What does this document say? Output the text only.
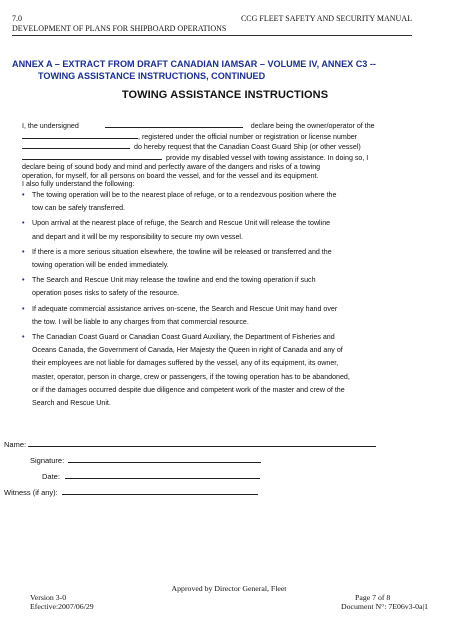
7.0	CCG FLEET SAFETY AND SECURITY MANUAL
DEVELOPMENT OF PLANS FOR SHIPBOARD OPERATIONS
ANNEX A – EXTRACT FROM DRAFT CANADIAN IAMSAR – VOLUME IV, ANNEX C3 --
TOWING ASSISTANCE INSTRUCTIONS, CONTINUED
TOWING ASSISTANCE INSTRUCTIONS
I, the undersigned	declare being the owner/operator of the
, registered under the official number or registration or license number
do hereby request that the Canadian Coast Guard Ship (or other vessel)
provide my disabled vessel with towing assistance. In doing so, I
declare being of sound body and mind and perfectly aware of the dangers and risks of a towing
operation, for myself, for all persons on board the vessel, and for the vessel and its equipment.
I also fully understand the following:
• The towing operation will be to the nearest place of refuge, or to a rendezvous position where the
tow can be safely transferred.
• Upon arrival at the nearest place of refuge, the Search and Rescue Unit will release the towline
and depart and it will be my responsibility to secure my own vessel.
• If there is a more serious situation elsewhere, the towline will be released or transferred and the
towing operation will be ended immediately.
• The Search and Rescue Unit may release the towline and end the towing operation if such
operation poses risks to safety of the resource.
• If adequate commercial assistance arrives on-scene, the Search and Rescue Unit may hand over
the tow. I will be liable to any charges from that commercial resource.
• The Canadian Coast Guard or Canadian Coast Guard Auxiliary, the Department of Fisheries and
Oceans Canada, the Government of Canada, Her Majesty the Queen in right of Canada and any of
their employees are not liable for damages suffered by the vessel, any of its equipment, its owner,
master, operator, person in charge, crew or passengers, if the towing operation has to be abandoned,
or if the damages occurred despite due diligence and competent work of the master and crew of the
Search and Rescue Unit.
Name:
Signature:
Date:
Witness (if any):
Approved by Director General, Fleet
Version 3-0
Efective:2007/06/29
Page 7 of 8
Document N°: 7E06v3-0a|1
